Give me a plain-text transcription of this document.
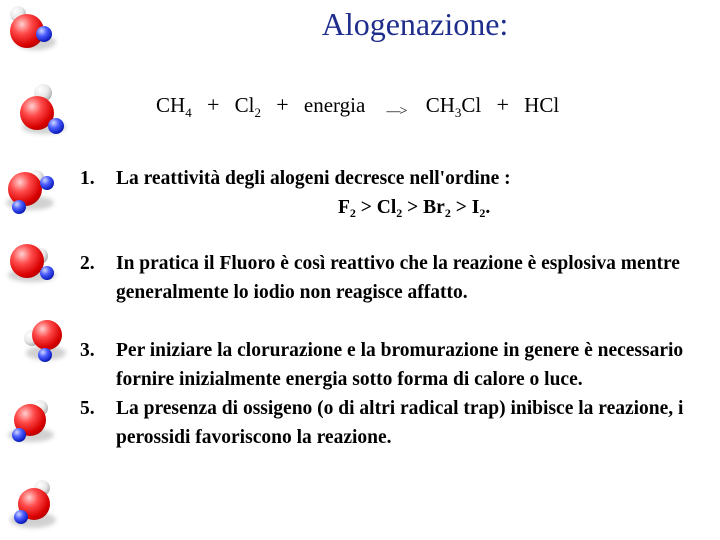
Alogenazione:
$CH_4 + Cl_2$ + energia —> $CH_3Cl$ + HCl
1.	La reattività degli alogeni decresce nell'ordine :
$F_2 > Cl_2 > Br_2 > I_2$.
2.	In pratica il Fluoro è così reattivo che la reazione è esplosiva mentre generalmente lo iodio non reagisce affatto.
3.	Per iniziare la clorurazione e la bromurazione in genere è necessario fornire inizialmente energia sotto forma di calore o luce.
5.	La presenza di ossigeno (o di altri radical trap) inibisce la reazione, i perossidi favoriscono la reazione.
